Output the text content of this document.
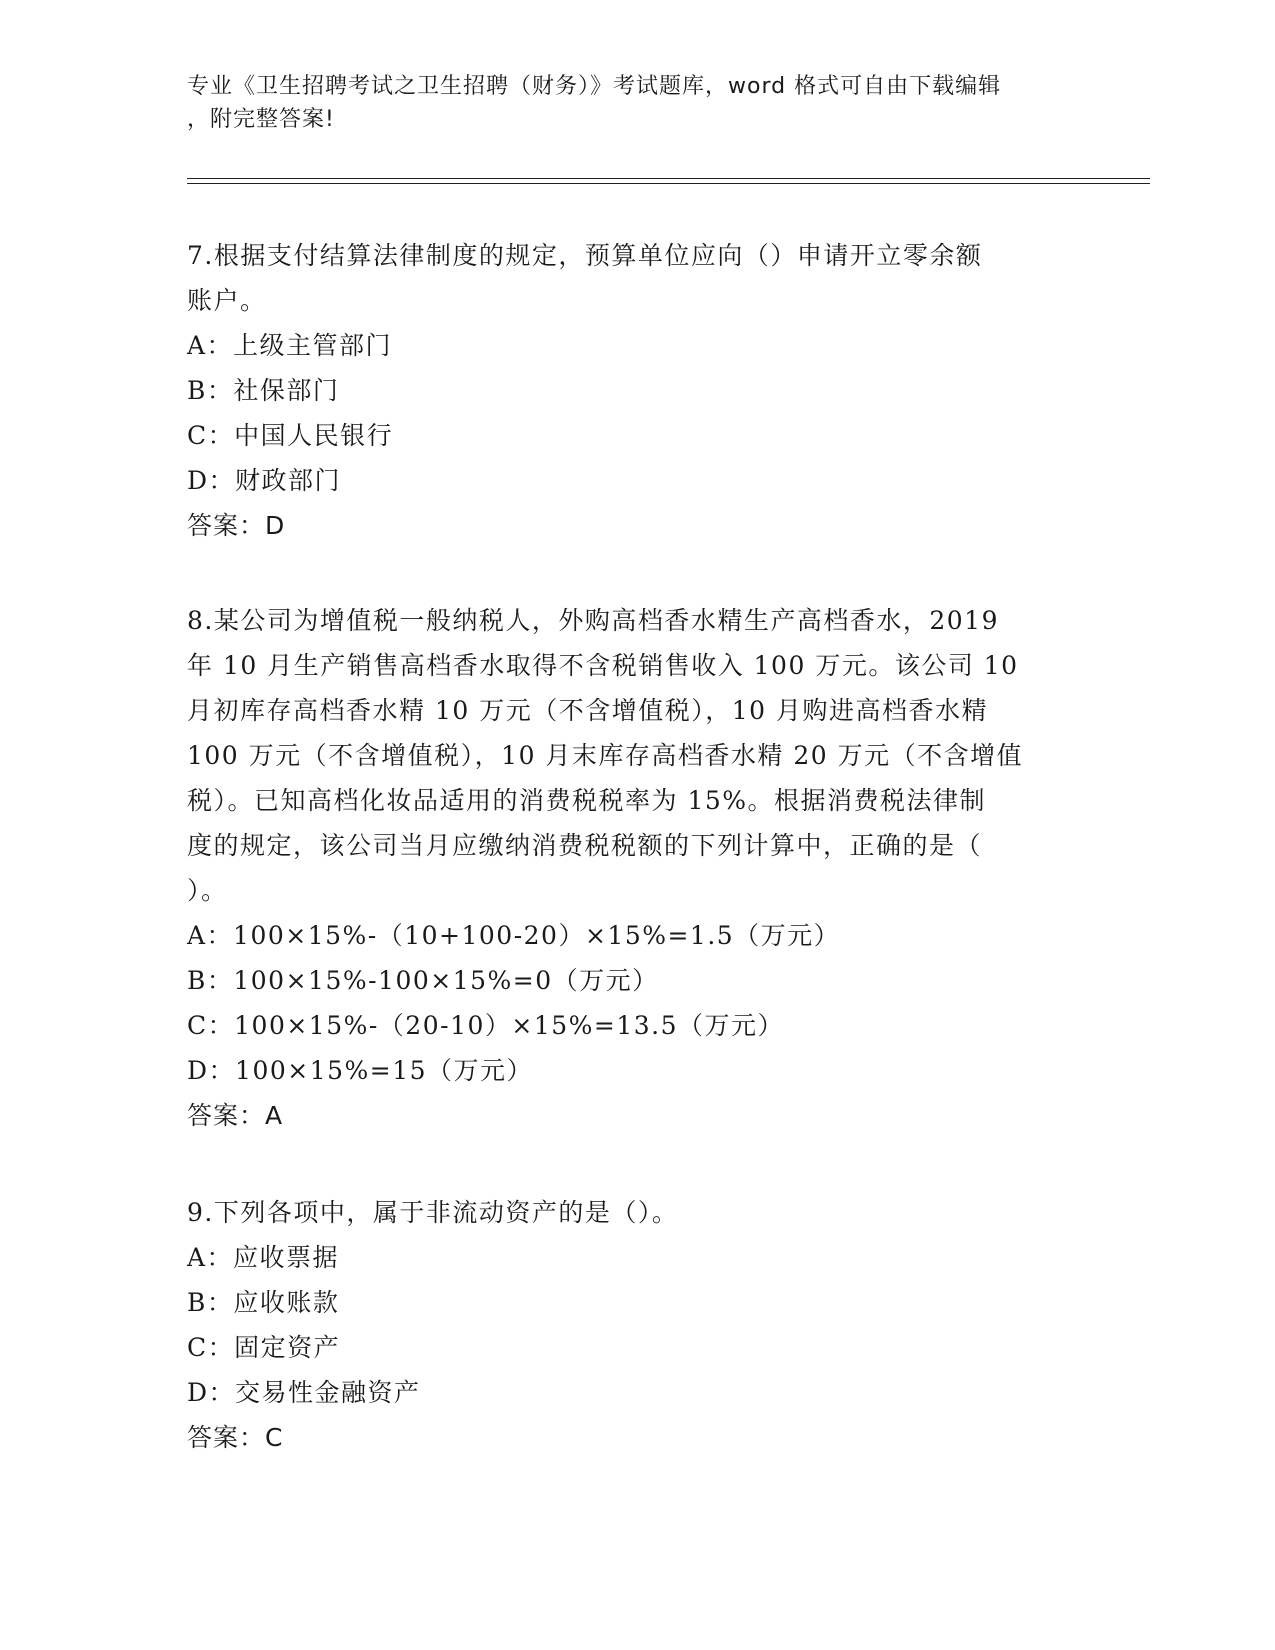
专业《卫生招聘考试之卫生招聘（财务）》考试题库，word 格式可自由下载编辑
，附完整答案!

7.根据支付结算法律制度的规定，预算单位应向（）申请开立零余额

账户。

A：上级主管部门

B：社保部门

C：中国人民银行

D：财政部门

答案：D

8.某公司为增值税一般纳税人，外购高档香水精生产高档香水，2019

年 10 月生产销售高档香水取得不含税销售收入 100 万元。该公司 10

月初库存高档香水精 10 万元（不含增值税），10 月购进高档香水精

100 万元（不含增值税），10 月末库存高档香水精 20 万元（不含增值

税）。已知高档化妆品适用的消费税税率为 15%。根据消费税法律制

度的规定，该公司当月应缴纳消费税税额的下列计算中，正确的是（

）。

A：100×15%-（10+100-20）×15%=1.5（万元）

B：100×15%-100×15%=0（万元）

C：100×15%-（20-10）×15%=13.5（万元）

D：100×15%=15（万元）

答案：A

9.下列各项中，属于非流动资产的是（）。

A：应收票据

B：应收账款

C：固定资产

D：交易性金融资产

答案：C
